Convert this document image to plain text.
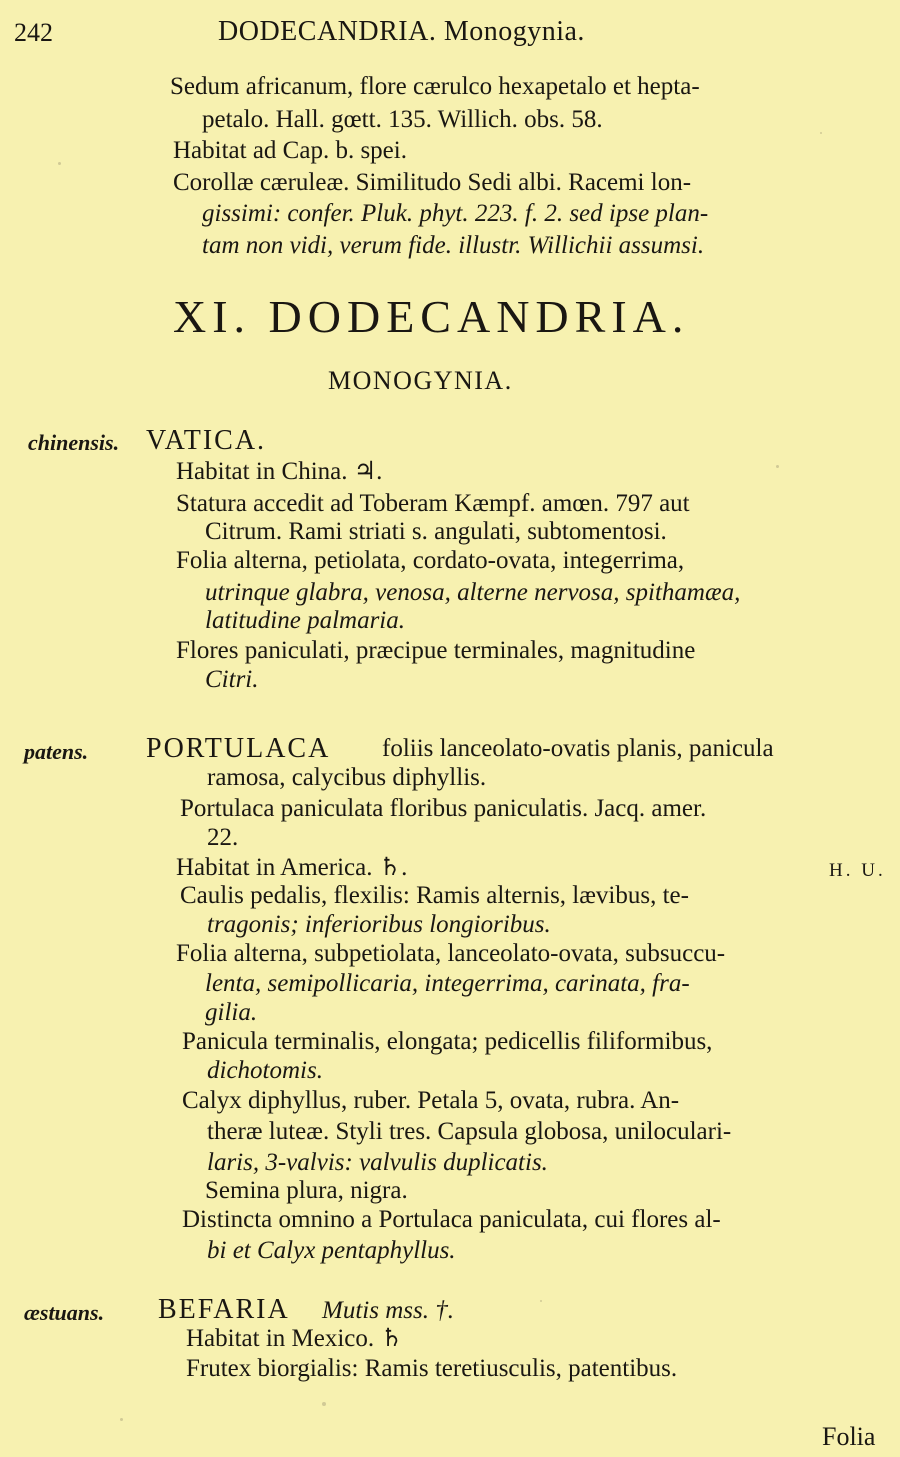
242	DODECANDRIA. Monogynia.
Sedum africanum, flore cærulco hexapetalo et hepta-
petalo. Hall. gœtt. 135. Willich. obs. 58.
Habitat ad Cap. b. spei.
Corollæ cæruleæ. Similitudo Sedi albi. Racemi lon-
gissimi: confer. Pluk. phyt. 223. f. 2. sed ipse plan-
tam non vidi, verum fide. illustr. Willichii assumsi.
XI. DODECANDRIA.
MONOGYNIA.
chinensis. VATICA.
Habitat in China. ♃.
Statura accedit ad Toberam Kæmpf. amœn. 797 aut
Citrum. Rami striati s. angulati, subtomentosi.
Folia alterna, petiolata, cordato-ovata, integerrima,
utrinque glabra, venosa, alterne nervosa, spithamæa,
latitudine palmaria.
Flores paniculati, præcipue terminales, magnitudine
Citri.
patens. PORTULACA foliis lanceolato-ovatis planis, panicula
ramosa, calycibus diphyllis.
Portulaca paniculata floribus paniculatis. Jacq. amer.
22.
Habitat in America. ♄.	H. U.
Caulis pedalis, flexilis: Ramis alternis, lævibus, te-
tragonis; inferioribus longioribus.
Folia alterna, subpetiolata, lanceolato-ovata, subsuccu-
lenta, semipollicaria, integerrima, carinata, fra-
gilia.
Panicula terminalis, elongata; pedicellis filiformibus,
dichotomis.
Calyx diphyllus, ruber. Petala 5, ovata, rubra. An-
theræ luteæ. Styli tres. Capsula globosa, uniloculari-
laris, 3-valvis: valvulis duplicatis.
Semina plura, nigra.
Distincta omnino a Portulaca paniculata, cui flores al-
bi et Calyx pentaphyllus.
æstuans. BEFARIA Mutis mss. †.
Habitat in Mexico. ♄
Frutex biorgialis: Ramis teretiusculis, patentibus.
Folia
